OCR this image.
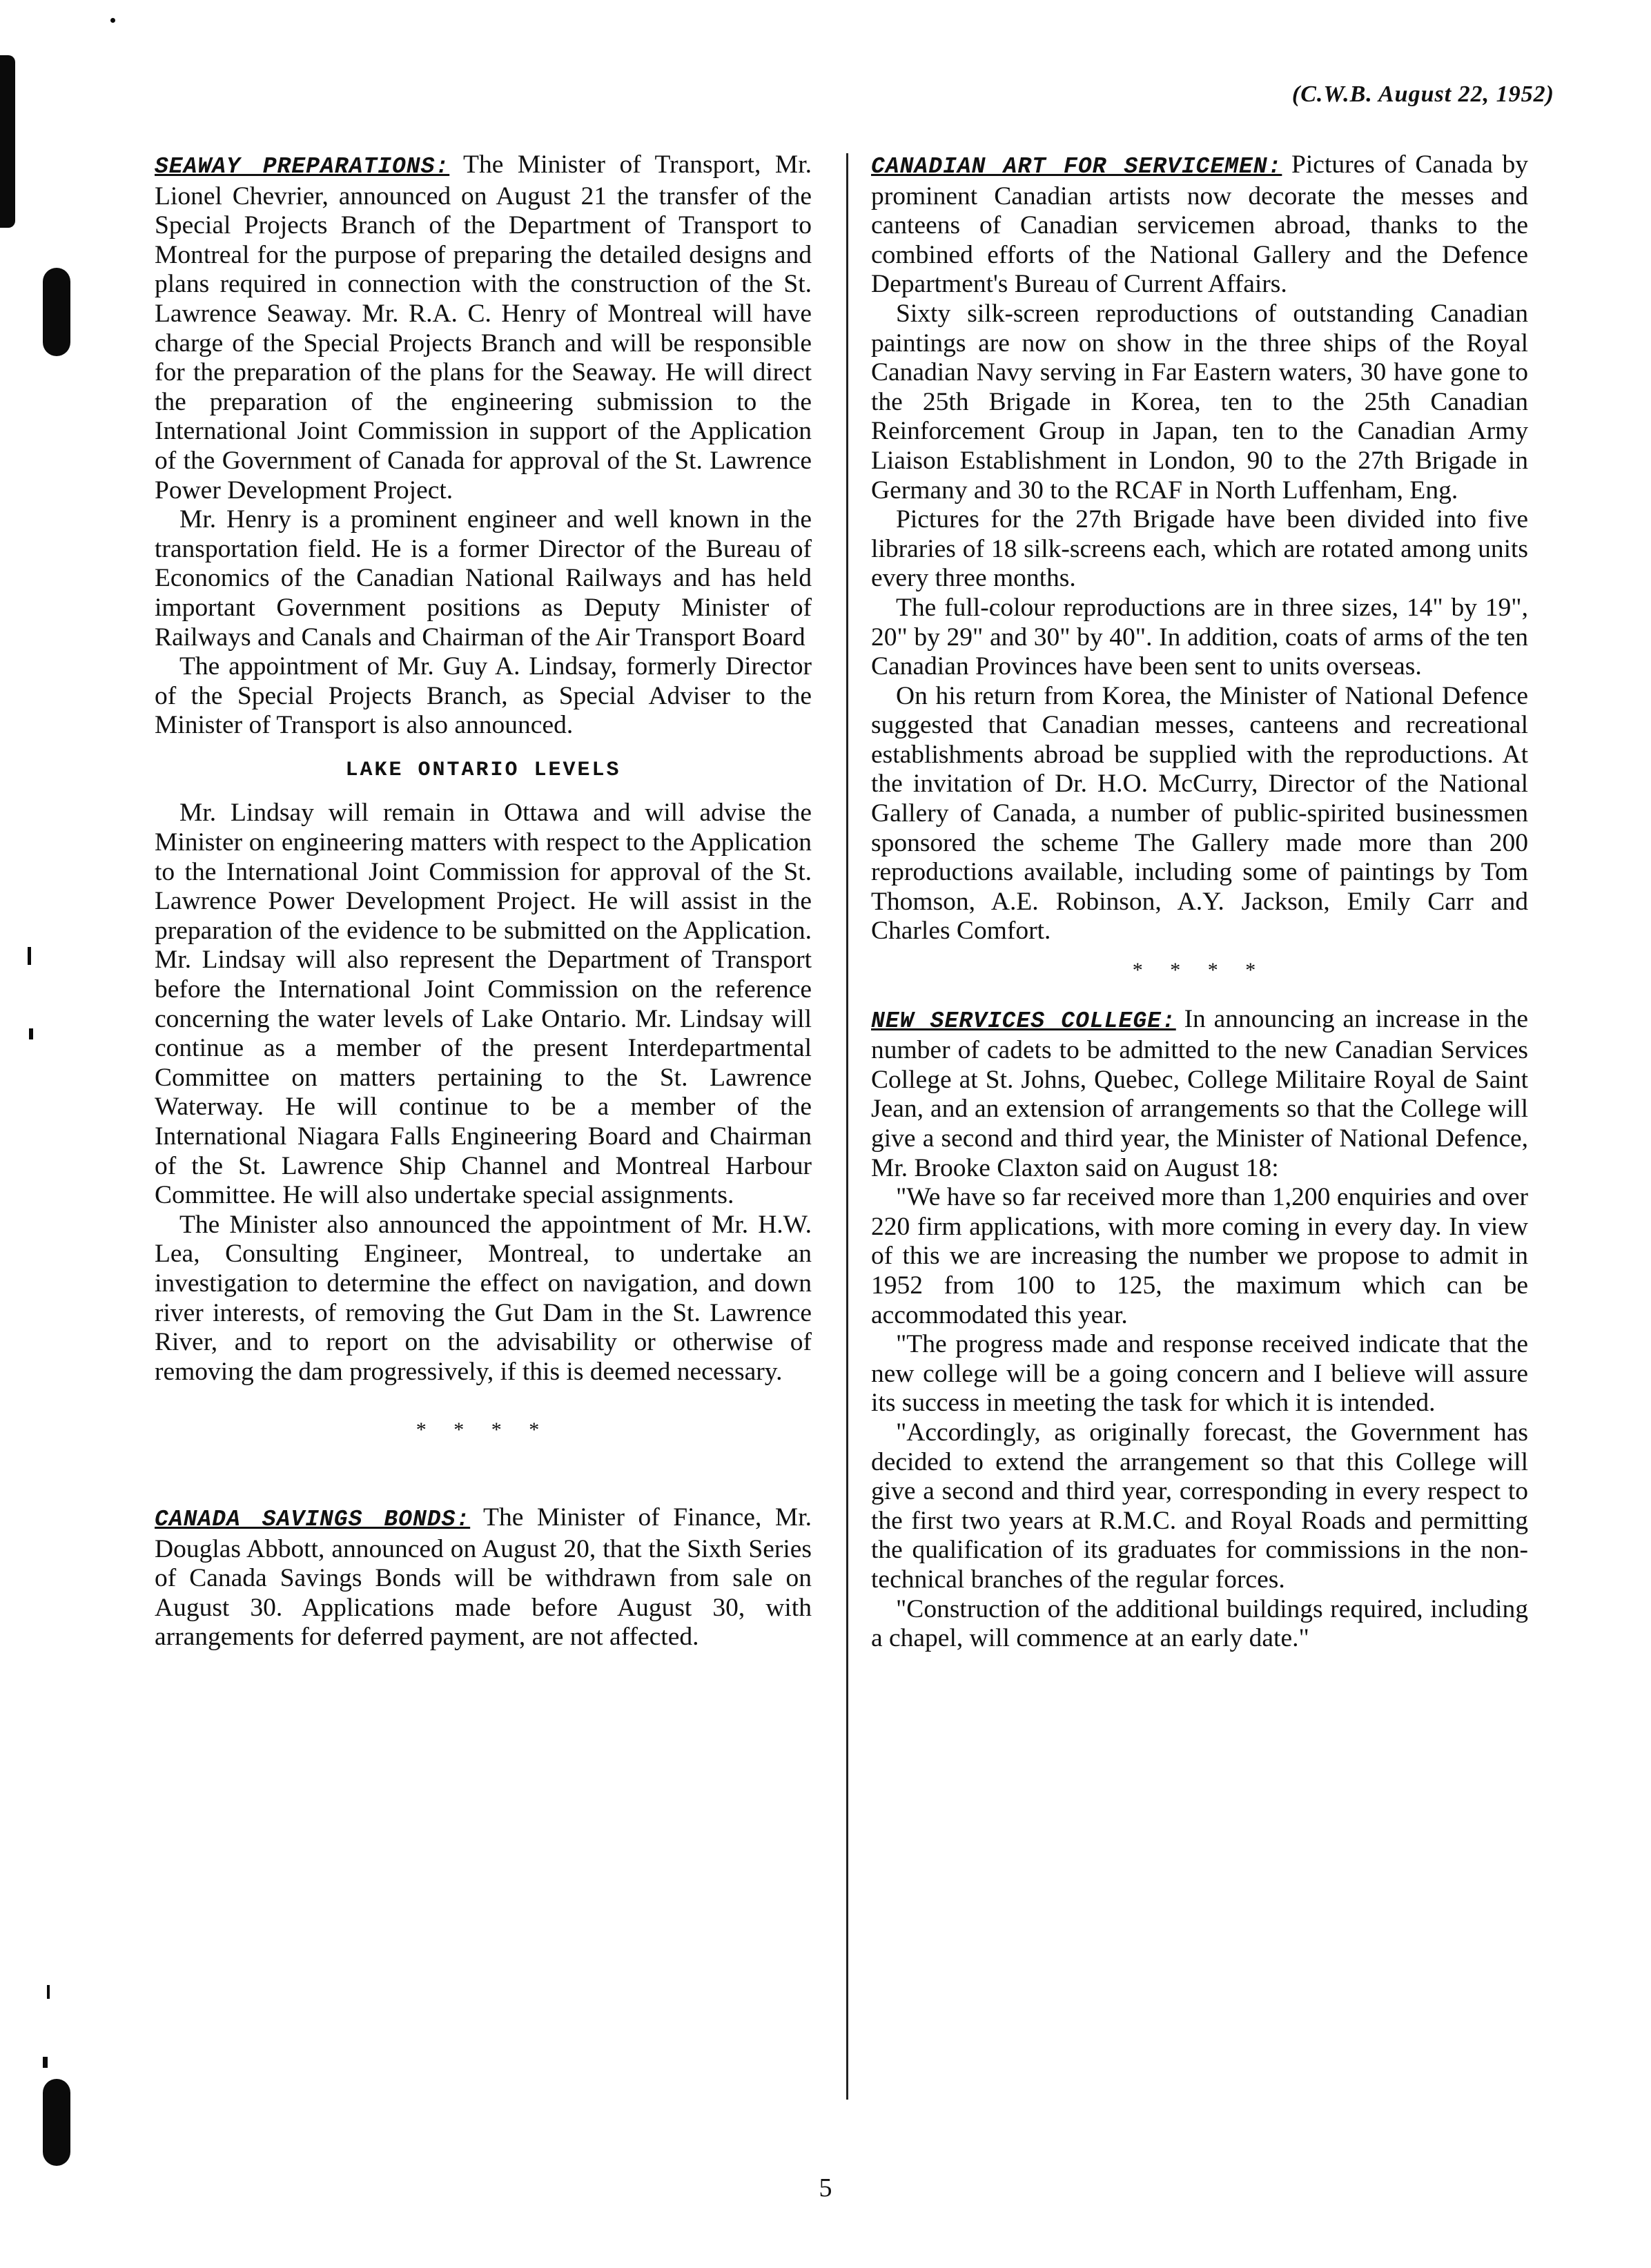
(C.W.B. August 22, 1952)

SEAWAY PREPARATIONS: The Minister of Transport, Mr. Lionel Chevrier, announced on August 21 the transfer of the Special Projects Branch of the Department of Transport to Montreal for the purpose of preparing the detailed designs and plans required in connection with the construction of the St. Lawrence Seaway. Mr. R.A. C. Henry of Montreal will have charge of the Special Projects Branch and will be responsible for the preparation of the plans for the Seaway. He will direct the preparation of the engineering submission to the International Joint Commission in support of the Application of the Government of Canada for approval of the St. Lawrence Power Development Project.

Mr. Henry is a prominent engineer and well known in the transportation field. He is a former Director of the Bureau of Economics of the Canadian National Railways and has held important Government positions as Deputy Minister of Railways and Canals and Chairman of the Air Transport Board

The appointment of Mr. Guy A. Lindsay, formerly Director of the Special Projects Branch, as Special Adviser to the Minister of Transport is also announced.

LAKE ONTARIO LEVELS

Mr. Lindsay will remain in Ottawa and will advise the Minister on engineering matters with respect to the Application to the International Joint Commission for approval of the St. Lawrence Power Development Project. He will assist in the preparation of the evidence to be submitted on the Application. Mr. Lindsay will also represent the Department of Transport before the International Joint Commission on the reference concerning the water levels of Lake Ontario. Mr. Lindsay will continue as a member of the present Interdepartmental Committee on matters pertaining to the St. Lawrence Waterway. He will continue to be a member of the International Niagara Falls Engineering Board and Chairman of the St. Lawrence Ship Channel and Montreal Harbour Committee. He will also undertake special assignments.

The Minister also announced the appointment of Mr. H.W. Lea, Consulting Engineer, Montreal, to undertake an investigation to determine the effect on navigation, and down river interests, of removing the Gut Dam in the St. Lawrence River, and to report on the advisability or otherwise of removing the dam progressively, if this is deemed necessary.

* * * *

CANADA SAVINGS BONDS: The Minister of Finance, Mr. Douglas Abbott, announced on August 20, that the Sixth Series of Canada Savings Bonds will be withdrawn from sale on August 30. Applications made before August 30, with arrangements for deferred payment, are not affected.

CANADIAN ART FOR SERVICEMEN: Pictures of Canada by prominent Canadian artists now decorate the messes and canteens of Canadian servicemen abroad, thanks to the combined efforts of the National Gallery and the Defence Department's Bureau of Current Affairs.

Sixty silk-screen reproductions of outstanding Canadian paintings are now on show in the three ships of the Royal Canadian Navy serving in Far Eastern waters, 30 have gone to the 25th Brigade in Korea, ten to the 25th Canadian Reinforcement Group in Japan, ten to the Canadian Army Liaison Establishment in London, 90 to the 27th Brigade in Germany and 30 to the RCAF in North Luffenham, Eng.

Pictures for the 27th Brigade have been divided into five libraries of 18 silk-screens each, which are rotated among units every three months.

The full-colour reproductions are in three sizes, 14" by 19", 20" by 29" and 30" by 40". In addition, coats of arms of the ten Canadian Provinces have been sent to units overseas.

On his return from Korea, the Minister of National Defence suggested that Canadian messes, canteens and recreational establishments abroad be supplied with the reproductions. At the invitation of Dr. H.O. McCurry, Director of the National Gallery of Canada, a number of public-spirited businessmen sponsored the scheme The Gallery made more than 200 reproductions available, including some of paintings by Tom Thomson, A.E. Robinson, A.Y. Jackson, Emily Carr and Charles Comfort.

* * * *

NEW SERVICES COLLEGE: In announcing an increase in the number of cadets to be admitted to the new Canadian Services College at St. Johns, Quebec, College Militaire Royal de Saint Jean, and an extension of arrangements so that the College will give a second and third year, the Minister of National Defence, Mr. Brooke Claxton said on August 18:

"We have so far received more than 1,200 enquiries and over 220 firm applications, with more coming in every day. In view of this we are increasing the number we propose to admit in 1952 from 100 to 125, the maximum which can be accommodated this year.

"The progress made and response received indicate that the new college will be a going concern and I believe will assure its success in meeting the task for which it is intended.

"Accordingly, as originally forecast, the Government has decided to extend the arrangement so that this College will give a second and third year, corresponding in every respect to the first two years at R.M.C. and Royal Roads and permitting the qualification of its graduates for commissions in the non-technical branches of the regular forces.

"Construction of the additional buildings required, including a chapel, will commence at an early date."

5
